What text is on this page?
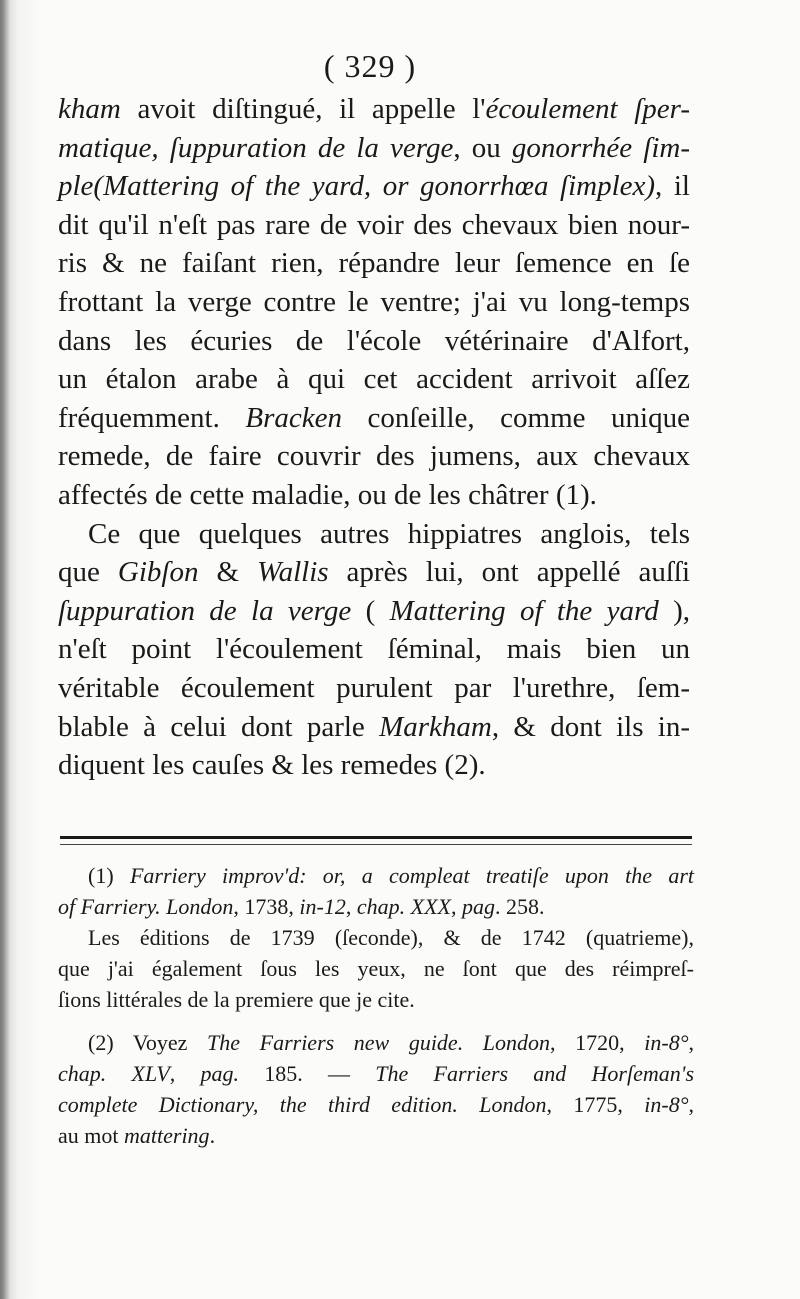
( 329 )
kham avoit diſtingué, il appelle l'écoulement ſper-
matique, ſuppuration de la verge, ou gonorrhée ſim-
ple(Mattering of the yard, or gonorrhœa ſimplex), il
dit qu'il n'eſt pas rare de voir des chevaux bien nour-
ris & ne faiſant rien, répandre leur ſemence en ſe
frottant la verge contre le ventre; j'ai vu long-temps
dans les écuries de l'école vétérinaire d'Alfort,
un étalon arabe à qui cet accident arrivoit aſſez
fréquemment. Bracken conſeille, comme unique
remede, de faire couvrir des jumens, aux chevaux
affectés de cette maladie, ou de les châtrer (1).
Ce que quelques autres hippiatres anglois, tels
que Gibſon & Wallis après lui, ont appellé auſſi
ſuppuration de la verge ( Mattering of the yard ),
n'eſt point l'écoulement ſéminal, mais bien un
véritable écoulement purulent par l'urethre, ſem-
blable à celui dont parle Markham, & dont ils in-
diquent les cauſes & les remedes (2).
(1) Farriery improv'd: or, a compleat treatiſe upon the art
of Farriery. London, 1738, in-12, chap. XXX, pag. 258.
Les éditions de 1739 (ſeconde), & de 1742 (quatrieme),
que j'ai également ſous les yeux, ne ſont que des réimpreſ-
ſions littérales de la premiere que je cite.
(2) Voyez The Farriers new guide. London, 1720, in-8°,
chap. XLV, pag. 185. — The Farriers and Horſeman's
complete Dictionary, the third edition. London, 1775, in-8°,
au mot mattering.
